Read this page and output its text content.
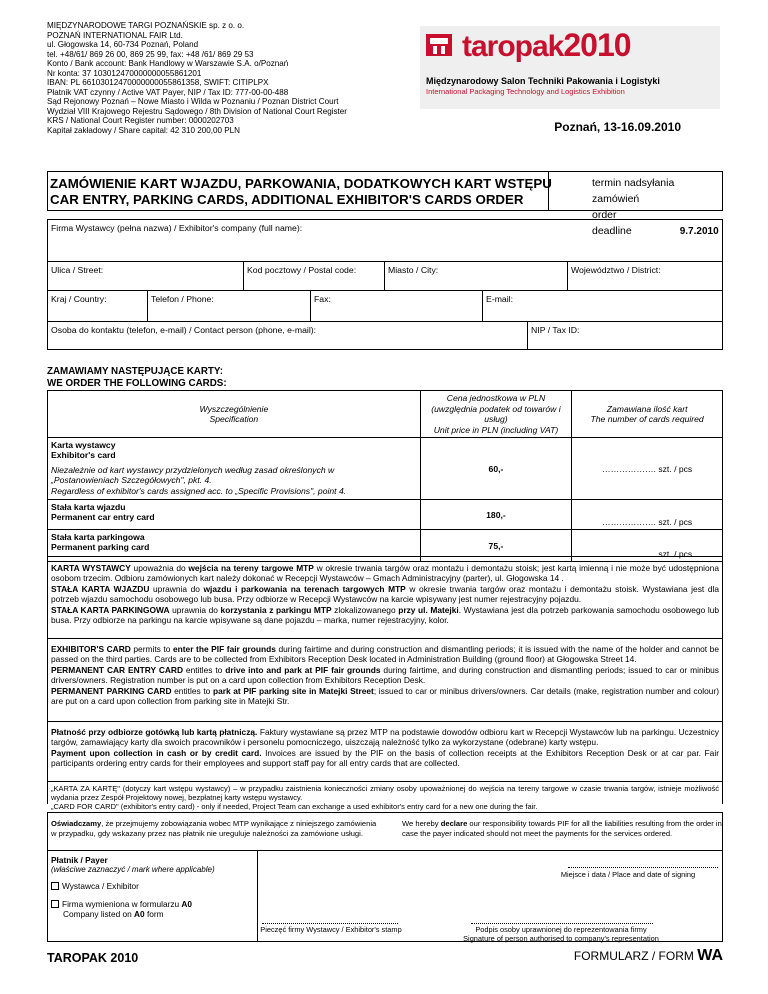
MIĘDZYNARODOWE TARGI POZNAŃSKIE sp. z o. o.
POZNAŃ INTERNATIONAL FAIR Ltd.
ul. Głogowska 14, 60-734 Poznań, Poland
tel. +48/61/ 869 26 00, 869 25 99, fax: +48 /61/ 869 29 53
Konto / Bank account: Bank Handlowy w Warszawie S.A. o/Poznań
Nr konta: 37 103012470000000055861201
IBAN: PL 66103012470000000055861358, SWIFT: CITIPLPX
Płatnik VAT czynny / Active VAT Payer, NIP / Tax ID: 777-00-00-488
Sąd Rejonowy Poznań – Nowe Miasto i Wilda w Poznaniu / Poznan District Court
Wydział VIII Krajowego Rejestru Sądowego / 8th Division of National Court Register
KRS / National Court Register number: 0000202703
Kapitał zakładowy / Share capital: 42 310 200,00 PLN
taropak2010
Międzynarodowy Salon Techniki Pakowania i Logistyki
International Packaging Technology and Logistics Exhibition
Poznań, 13-16.09.2010
ZAMÓWIENIE KART WJAZDU, PARKOWANIA, DODATKOWYCH KART WSTĘPU
CAR ENTRY, PARKING CARDS, ADDITIONAL EXHIBITOR'S CARDS ORDER
termin nadsyłania zamówień
order deadline	9.7.2010
Firma Wystawcy (pełna nazwa) / Exhibitor's company (full name):
Ulica / Street:	Kod pocztowy / Postal code:	Miasto / City:	Województwo / District:
Kraj / Country:	Telefon / Phone:	Fax:	E-mail:
Osoba do kontaktu (telefon, e-mail) / Contact person (phone, e-mail):	NIP / Tax ID:
ZAMAWIAMY NASTĘPUJĄCE KARTY:
WE ORDER THE FOLLOWING CARDS:
Wyszczególnienie
Specification	Cena jednostkowa w PLN
(uwzględnia podatek od towarów i usług)
Unit price in PLN (including VAT)	Zamawiana ilość kart
The number of cards required

Karta wystawcy
Exhibitor's card
Niezależnie od kart wystawcy przydzielonych według zasad określonych w „Postanowieniach Szczegółowych", pkt. 4.
Regardless of exhibitor's cards assigned acc. to „Specific Provisions", point 4.	60,-	………………. szt. / pcs

Stała karta wjazdu
Permanent car entry card	180,-	………………. szt. / pcs

Stała karta parkingowa
Permanent parking card	75,-	………………. szt. / pcs

KARTA WYSTAWCY upoważnia do wejścia na tereny targowe MTP w okresie trwania targów oraz montażu i demontażu stoisk; jest kartą imienną i nie może być udostępniona osobom trzecim. Odbioru zamówionych kart należy dokonać w Recepcji Wystawców – Gmach Administracyjny (parter), ul. Głogowska 14 .

STAŁA KARTA WJAZDU uprawnia do wjazdu i parkowania na terenach targowych MTP w okresie trwania targów oraz montażu i demontażu stoisk. Wystawiana jest dla potrzeb wjazdu samochodu osobowego lub busa. Przy odbiorze w Recepcji Wystawców na karcie wpisywany jest numer rejestracyjny pojazdu.

STAŁA KARTA PARKINGOWA uprawnia do korzystania z parkingu MTP zlokalizowanego przy ul. Matejki. Wystawiana jest dla potrzeb parkowania samochodu osobowego lub busa. Przy odbiorze na parkingu na karcie wpisywane są dane pojazdu – marka, numer rejestracyjny, kolor.

EXHIBITOR'S CARD permits to enter the PIF fair grounds during fairtime and during construction and dismantling periods; it is issued with the name of the holder and cannot be passed on the third parties. Cards are to be collected from Exhibitors Reception Desk located in Administration Building (ground floor) at Głogowska Street 14.

PERMANENT CAR ENTRY CARD entitles to drive into and park at PIF fair grounds during fairtime, and during construction and dismantling periods; issued to car or minibus drivers/owners. Registration number is put on a card upon collection from Exhibitors Reception Desk.

PERMANENT PARKING CARD entitles to park at PIF parking site in Matejki Street; issued to car or minibus drivers/owners. Car details (make, registration number and colour) are put on a card upon collection from parking site in Matejki Str.

Płatność przy odbiorze gotówką lub kartą płatniczą. Faktury wystawiane są przez MTP na podstawie dowodów odbioru kart w Recepcji Wystawców lub na parkingu. Uczestnicy targów, zamawiający karty dla swoich pracowników i personelu pomocniczego, uiszczają należność tylko za wykorzystane (odebrane) karty wstępu.

Payment upon collection in cash or by credit card. Invoices are issued by the PIF on the basis of collection receipts at the Exhibitors Reception Desk or at car par. Fair participants ordering entry cards for their employees and support staff pay for all entry cards that are collected.

„KARTA ZA KARTĘ" (dotyczy kart wstępu wystawcy) – w przypadku zaistnienia konieczności zmiany osoby upoważnionej do wejścia na tereny targowe w czasie trwania targów, istnieje możliwość wydania przez Zespół Projektowy nowej, bezpłatnej karty wstępu wystawcy.

„CARD FOR CARD" (exhibitor's entry card) - only if needed, Project Team can exchange a used exhibitor's entry card for a new one during the fair.

Oświadczamy, że przejmujemy zobowiązania wobec MTP wynikające z niniejszego zamówienia w przypadku, gdy wskazany przez nas płatnik nie ureguluje należności za zamówione usługi.
We hereby declare our responsibility towards PIF for all the liabilities resulting from the order in case the payer indicated should not meet the payments for the services ordered.
Płatnik / Payer
(właściwe zaznaczyć / mark where applicable)
Wystawca / Exhibitor
Firma wymieniona w formularzu A0
Company listed on A0 form
Miejsce i data / Place and date of signing
Pieczęć firmy Wystawcy / Exhibitor's stamp	Podpis osoby uprawnionej do reprezentowania firmy
Signature of person authorised to company's representation
TAROPAK 2010	FORMULARZ / FORM WA
